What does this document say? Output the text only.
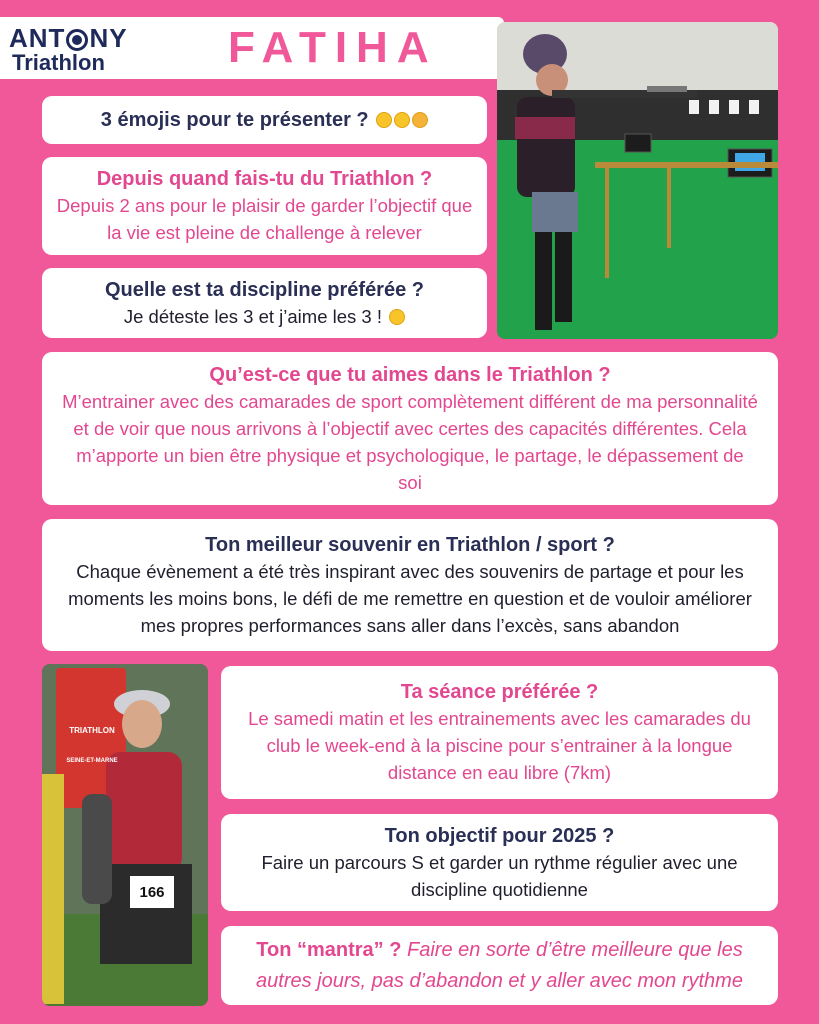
ANT NY
Triathlon	FATIHA
3 émojis pour te présenter ?
Depuis quand fais-tu du Triathlon ?
Depuis 2 ans pour le plaisir de garder l’objectif que la vie est pleine de challenge à relever
Quelle est ta discipline préférée ?
Je déteste les 3 et j’aime les 3 !
Qu’est-ce que tu aimes dans le Triathlon ?
M’entrainer avec des camarades de sport complètement différent de ma personnalité et de voir que nous arrivons à l’objectif avec certes des capacités différentes. Cela m’apporte un bien être physique et psychologique, le partage, le dépassement de soi
Ton meilleur souvenir en Triathlon / sport ?
Chaque évènement a été très inspirant avec des souvenirs de partage et pour les moments les moins bons, le défi de me remettre en question et de vouloir améliorer mes propres performances sans aller dans l’excès, sans abandon
TRIATHLON
SEINE-ET-MARNE
166
Ta séance préférée ?
Le samedi matin et les entrainements avec les camarades du club le week-end à la piscine pour s’entrainer à la longue distance en eau libre (7km)
Ton objectif pour 2025 ?
Faire un parcours S et garder un rythme régulier avec une discipline quotidienne
Ton “mantra” ? Faire en sorte d’être meilleure que les autres jours, pas d’abandon et y aller avec mon rythme
